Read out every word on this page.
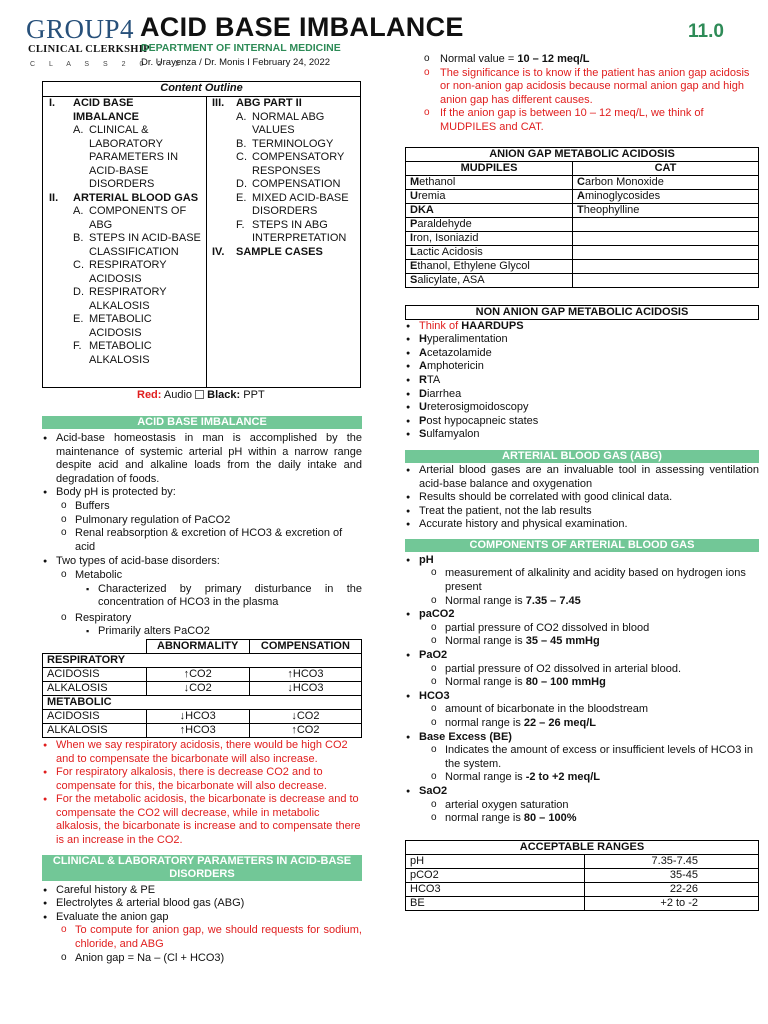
GROUP4
CLINICAL CLERKSHIP
C L A S S 2 0 2 2
ACID BASE IMBALANCE
DEPARTMENT OF INTERNAL MEDICINE
Dr. Urayenza / Dr. Monis I February 24, 2022
11.0
Content Outline
I. ACID BASE IMBALANCE
A. CLINICAL & LABORATORY PARAMETERS IN ACID-BASE DISORDERS
II. ARTERIAL BLOOD GAS
A. COMPONENTS OF ABG
B. STEPS IN ACID-BASE CLASSIFICATION
C. RESPIRATORY ACIDOSIS
D. RESPIRATORY ALKALOSIS
E. METABOLIC ACIDOSIS
F. METABOLIC ALKALOSIS
III. ABG PART II
A. NORMAL ABG VALUES
B. TERMINOLOGY
C. COMPENSATORY RESPONSES
D. COMPENSATION
E. MIXED ACID-BASE DISORDERS
F. STEPS IN ABG INTERPRETATION
IV. SAMPLE CASES
Red: Audio Black: PPT
ACID BASE IMBALANCE
● Acid-base homeostasis in man is accomplished by the maintenance of systemic arterial pH within a narrow range despite acid and alkaline loads from the daily intake and degradation of foods.
● Body pH is protected by:
o Buffers
o Pulmonary regulation of PaCO2
o Renal reabsorption & excretion of HCO3 & excretion of acid
● Two types of acid-base disorders:
o Metabolic
▪ Characterized by primary disturbance in the concentration of HCO3 in the plasma
o Respiratory
▪ Primarily alters PaCO2
	ABNORMALITY	COMPENSATION
RESPIRATORY		
ACIDOSIS	↑CO2	↑HCO3
ALKALOSIS	↓CO2	↓HCO3
METABOLIC		
ACIDOSIS	↓HCO3	↓CO2
ALKALOSIS	↑HCO3	↑CO2
● When we say respiratory acidosis, there would be high CO2 and to compensate the bicarbonate will also increase.
● For respiratory alkalosis, there is decrease CO2 and to compensate for this, the bicarbonate will also decrease.
● For the metabolic acidosis, the bicarbonate is decrease and to compensate the CO2 will decrease, while in metabolic alkalosis, the bicarbonate is increase and to compensate there is an increase in the CO2.
CLINICAL & LABORATORY PARAMETERS IN ACID-BASE DISORDERS
● Careful history & PE
● Electrolytes & arterial blood gas (ABG)
● Evaluate the anion gap
o To compute for anion gap, we should requests for sodium, chloride, and ABG
o Anion gap = Na – (Cl + HCO3)
o Normal value = 10 – 12 meq/L
o The significance is to know if the patient has anion gap acidosis or non-anion gap acidosis because normal anion gap and high anion gap has different causes.
o If the anion gap is between 10 – 12 meq/L, we think of MUDPILES and CAT.
ANION GAP METABOLIC ACIDOSIS	
MUDPILES	CAT
Methanol	Carbon Monoxide
Uremia	Aminoglycosides
DKA	Theophylline
Paraldehyde	
Iron, Isoniazid	
Lactic Acidosis	
Ethanol, Ethylene Glycol	
Salicylate, ASA	
NON ANION GAP METABOLIC ACIDOSIS
● Think of HAARDUPS
● Hyperalimentation
● Acetazolamide
● Amphotericin
● RTA
● Diarrhea
● Ureterosigmoidoscopy
● Post hypocapneic states
● Sulfamyalon
ARTERIAL BLOOD GAS (ABG)
● Arterial blood gases are an invaluable tool in assessing ventilation acid-base balance and oxygenation
● Results should be correlated with good clinical data.
● Treat the patient, not the lab results
● Accurate history and physical examination.
COMPONENTS OF ARTERIAL BLOOD GAS
● pH
o measurement of alkalinity and acidity based on hydrogen ions present
o Normal range is 7.35 – 7.45
● paCO2
o partial pressure of CO2 dissolved in blood
o Normal range is 35 – 45 mmHg
● PaO2
o partial pressure of O2 dissolved in arterial blood.
o Normal range is 80 – 100 mmHg
● HCO3
o amount of bicarbonate in the bloodstream
o normal range is 22 – 26 meq/L
● Base Excess (BE)
o Indicates the amount of excess or insufficient levels of HCO3 in the system.
o Normal range is -2 to +2 meq/L
● SaO2
o arterial oxygen saturation
o normal range is 80 – 100%
ACCEPTABLE RANGES	
pH	7.35-7.45
pCO2	35-45
HCO3	22-26
BE	+2 to -2
